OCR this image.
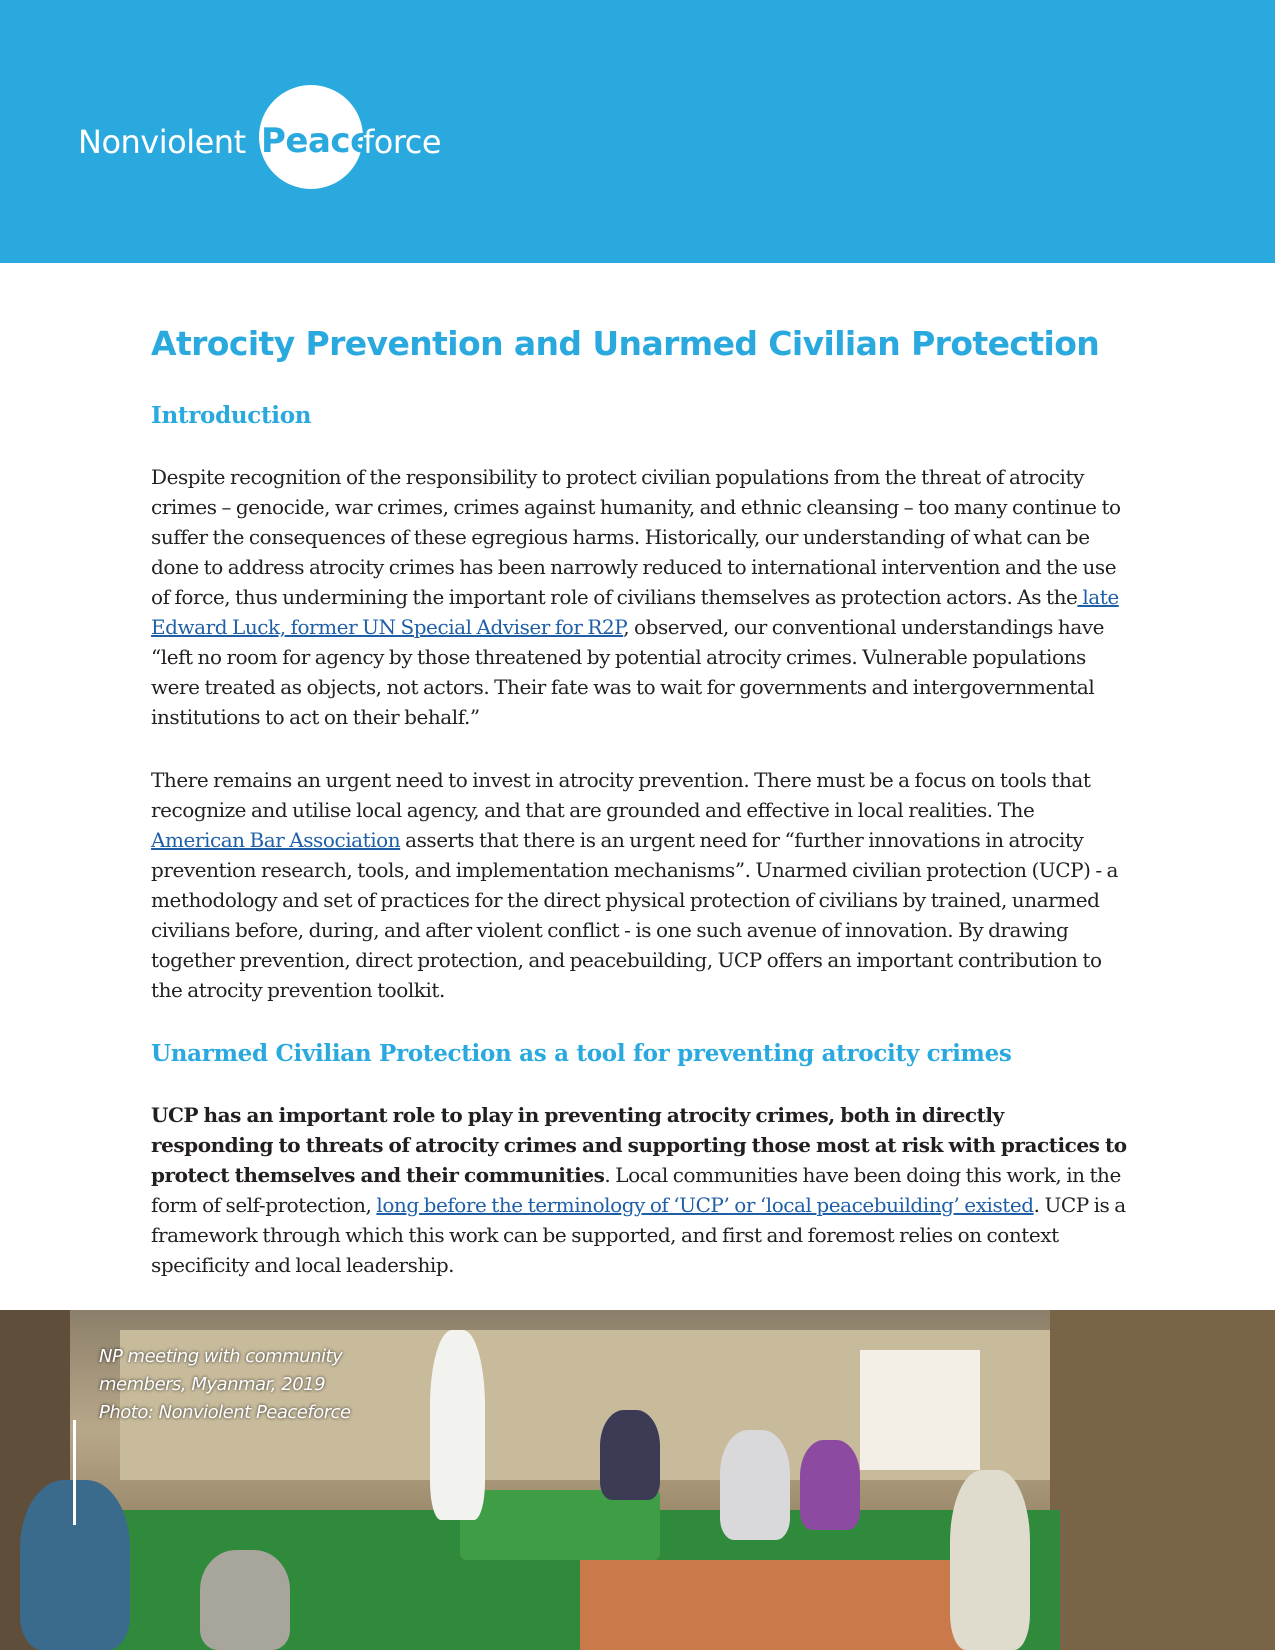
Nonviolent Peace
force
Atrocity Prevention and Unarmed Civilian Protection
Introduction

Despite recognition of the responsibility to protect civilian populations from the threat of atrocity crimes – genocide, war crimes, crimes against humanity, and ethnic cleansing – too many continue to suffer the consequences of these egregious harms. Historically, our understanding of what can be done to address atrocity crimes has been narrowly reduced to international intervention and the use of force, thus undermining the important role of civilians themselves as protection actors. As the late Edward Luck, former UN Special Adviser for R2P, observed, our conventional understandings have “left no room for agency by those threatened by potential atrocity crimes. Vulnerable populations were treated as objects, not actors. Their fate was to wait for governments and intergovernmental institutions to act on their behalf.”

There remains an urgent need to invest in atrocity prevention. There must be a focus on tools that recognize and utilise local agency, and that are grounded and effective in local realities. The American Bar Association asserts that there is an urgent need for “further innovations in atrocity prevention research, tools, and implementation mechanisms”. Unarmed civilian protection (UCP) - a methodology and set of practices for the direct physical protection of civilians by trained, unarmed civilians before, during, and after violent conflict - is one such avenue of innovation. By drawing together prevention, direct protection, and peacebuilding, UCP offers an important contribution to the atrocity prevention toolkit.

Unarmed Civilian Protection as a tool for preventing atrocity crimes

UCP has an important role to play in preventing atrocity crimes, both in directly responding to threats of atrocity crimes and supporting those most at risk with practices to protect themselves and their communities. Local communities have been doing this work, in the form of self-protection, long before the terminology of ‘UCP’ or ‘local peacebuilding’ existed. UCP is a framework through which this work can be supported, and first and foremost relies on context specificity and local leadership.

NP meeting with community
members, Myanmar, 2019
Photo: Nonviolent Peaceforce
